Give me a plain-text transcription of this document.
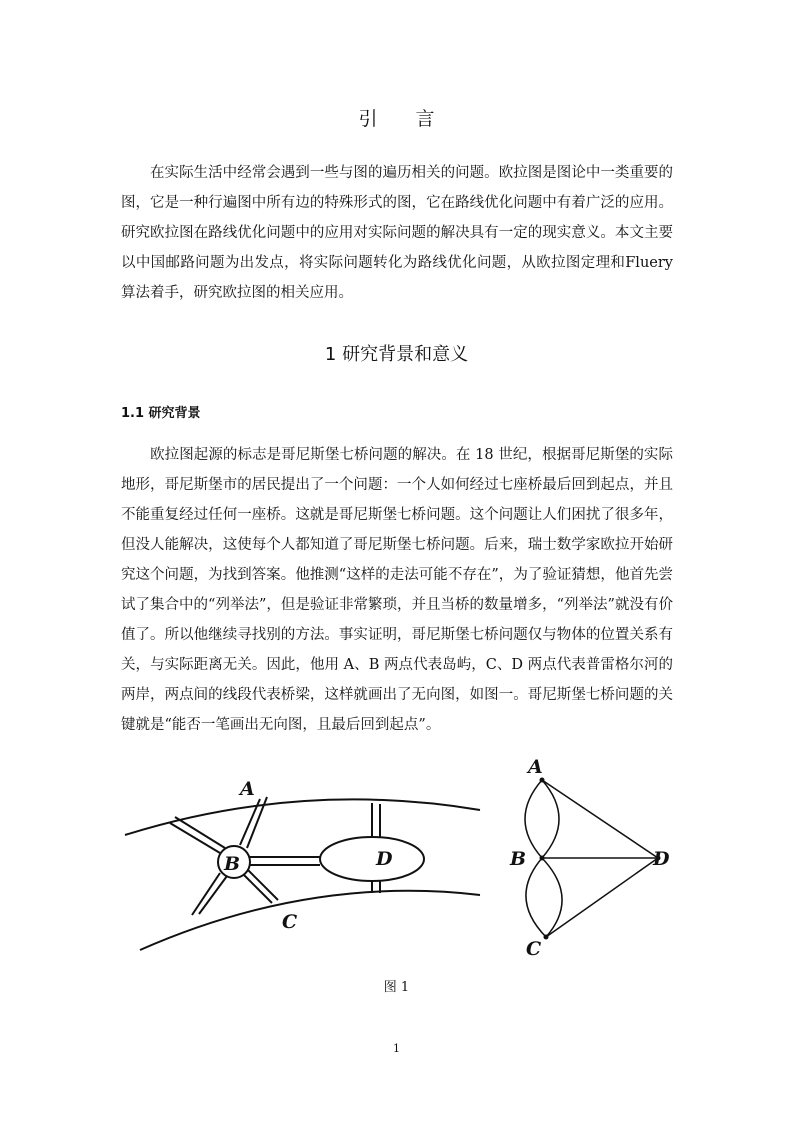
引 言

在实际生活中经常会遇到一些与图的遍历相关的问题。欧拉图是图论中一类重要的图，它是一种行遍图中所有边的特殊形式的图，它在路线优化问题中有着广泛的应用。研究欧拉图在路线优化问题中的应用对实际问题的解决具有一定的现实意义。本文主要以中国邮路问题为出发点，将实际问题转化为路线优化问题，从欧拉图定理和Fluery 算法着手，研究欧拉图的相关应用。

1 研究背景和意义
1.1 研究背景

欧拉图起源的标志是哥尼斯堡七桥问题的解决。在 18 世纪，根据哥尼斯堡的实际地形，哥尼斯堡市的居民提出了一个问题：一个人如何经过七座桥最后回到起点，并且不能重复经过任何一座桥。这就是哥尼斯堡七桥问题。这个问题让人们困扰了很多年，但没人能解决，这使每个人都知道了哥尼斯堡七桥问题。后来，瑞士数学家欧拉开始研究这个问题，为找到答案。他推测“这样的走法可能不存在”，为了验证猜想，他首先尝试了集合中的“列举法”，但是验证非常繁琐，并且当桥的数量增多，“列举法”就没有价值了。所以他继续寻找别的方法。事实证明，哥尼斯堡七桥问题仅与物体的位置关系有关，与实际距离无关。因此，他用 A、B 两点代表岛屿，C、D 两点代表普雷格尔河的两岸，两点间的线段代表桥梁，这样就画出了无向图，如图一。哥尼斯堡七桥问题的关键就是“能否一笔画出无向图，且最后回到起点”。

A
B
C
D
A
B
C
D
图 1
1
